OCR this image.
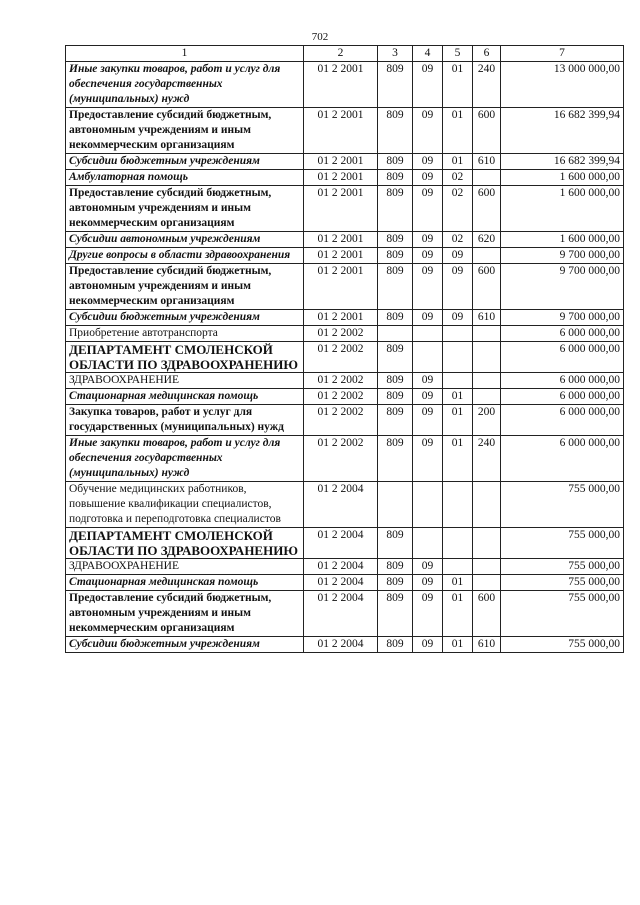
702
1	2	3	4	5	6	7
Иные закупки товаров, работ и услуг для обеспечения государственных (муниципальных) нужд	01 2 2001	809	09	01	240	13 000 000,00
Предоставление субсидий бюджетным, автономным учреждениям и иным некоммерческим организациям	01 2 2001	809	09	01	600	16 682 399,94
Субсидии бюджетным учреждениям	01 2 2001	809	09	01	610	16 682 399,94
Амбулаторная помощь	01 2 2001	809	09	02		1 600 000,00
Предоставление субсидий бюджетным, автономным учреждениям и иным некоммерческим организациям	01 2 2001	809	09	02	600	1 600 000,00
Субсидии автономным учреждениям	01 2 2001	809	09	02	620	1 600 000,00
Другие вопросы в области здравоохранения	01 2 2001	809	09	09		9 700 000,00
Предоставление субсидий бюджетным, автономным учреждениям и иным некоммерческим организациям	01 2 2001	809	09	09	600	9 700 000,00
Субсидии бюджетным учреждениям	01 2 2001	809	09	09	610	9 700 000,00
Приобретение автотранспорта	01 2 2002					6 000 000,00
ДЕПАРТАМЕНТ СМОЛЕНСКОЙ ОБЛАСТИ ПО ЗДРАВООХРАНЕНИЮ	01 2 2002	809				6 000 000,00
ЗДРАВООХРАНЕНИЕ	01 2 2002	809	09			6 000 000,00
Стационарная медицинская помощь	01 2 2002	809	09	01		6 000 000,00
Закупка товаров, работ и услуг для государственных (муниципальных) нужд	01 2 2002	809	09	01	200	6 000 000,00
Иные закупки товаров, работ и услуг для обеспечения государственных (муниципальных) нужд	01 2 2002	809	09	01	240	6 000 000,00
Обучение медицинских работников, повышение квалификации специалистов, подготовка и переподготовка специалистов	01 2 2004					755 000,00
ДЕПАРТАМЕНТ СМОЛЕНСКОЙ ОБЛАСТИ ПО ЗДРАВООХРАНЕНИЮ	01 2 2004	809				755 000,00
ЗДРАВООХРАНЕНИЕ	01 2 2004	809	09			755 000,00
Стационарная медицинская помощь	01 2 2004	809	09	01		755 000,00
Предоставление субсидий бюджетным, автономным учреждениям и иным некоммерческим организациям	01 2 2004	809	09	01	600	755 000,00
Субсидии бюджетным учреждениям	01 2 2004	809	09	01	610	755 000,00
